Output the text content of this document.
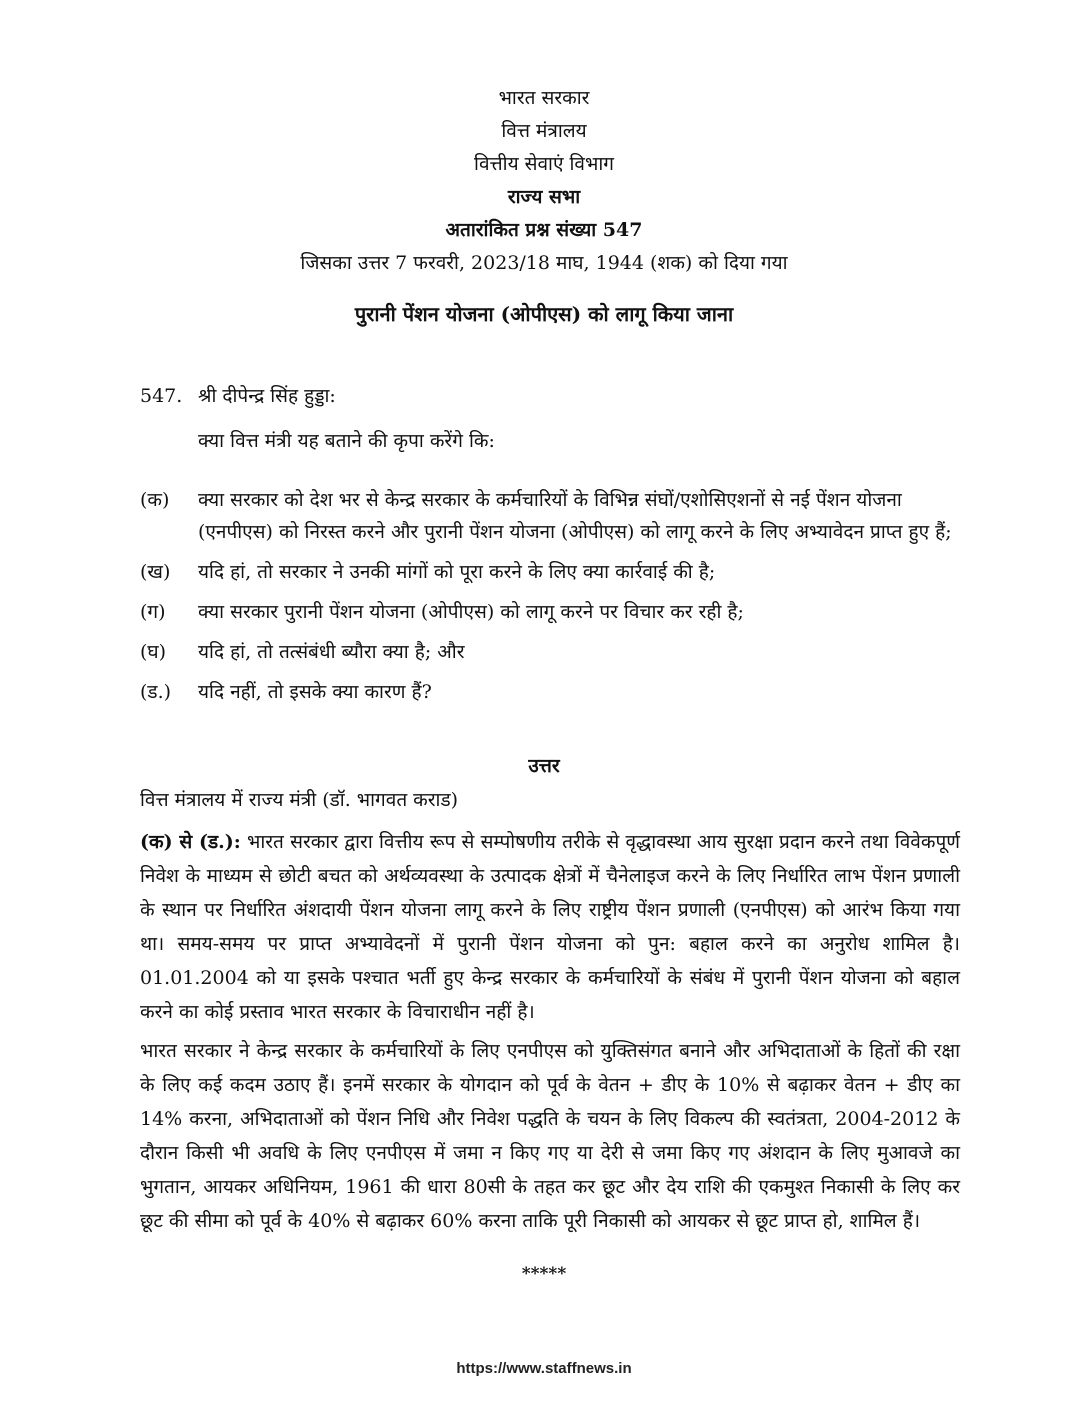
भारत सरकार
वित्त मंत्रालय
वित्तीय सेवाएं विभाग
राज्य सभा
अतारांकित प्रश्न संख्या 547
जिसका उत्तर 7 फरवरी, 2023/18 माघ, 1944 (शक) को दिया गया
पुरानी पेंशन योजना (ओपीएस) को लागू किया जाना
547. श्री दीपेन्द्र सिंह हुड्डा:
क्या वित्त मंत्री यह बताने की कृपा करेंगे कि:
(क)	क्या सरकार को देश भर से केन्द्र सरकार के कर्मचारियों के विभिन्न संघों/एशोसिएशनों से नई पेंशन योजना (एनपीएस) को निरस्त करने और पुरानी पेंशन योजना (ओपीएस) को लागू करने के लिए अभ्यावेदन प्राप्त हुए हैं;
(ख)	यदि हां, तो सरकार ने उनकी मांगों को पूरा करने के लिए क्या कार्रवाई की है;
(ग)	क्या सरकार पुरानी पेंशन योजना (ओपीएस) को लागू करने पर विचार कर रही है;
(घ)	यदि हां, तो तत्संबंधी ब्यौरा क्या है; और
(ड.)	यदि नहीं, तो इसके क्या कारण हैं?
उत्तर
वित्त मंत्रालय में राज्य मंत्री (डॉ. भागवत कराड)
(क) से (ड.): भारत सरकार द्वारा वित्तीय रूप से सम्पोषणीय तरीके से वृद्धावस्था आय सुरक्षा प्रदान करने तथा विवेकपूर्ण निवेश के माध्यम से छोटी बचत को अर्थव्यवस्था के उत्पादक क्षेत्रों में चैनेलाइज करने के लिए निर्धारित लाभ पेंशन प्रणाली के स्थान पर निर्धारित अंशदायी पेंशन योजना लागू करने के लिए राष्ट्रीय पेंशन प्रणाली (एनपीएस) को आरंभ किया गया था। समय-समय पर प्राप्त अभ्यावेदनों में पुरानी पेंशन योजना को पुन: बहाल करने का अनुरोध शामिल है। 01.01.2004 को या इसके पश्चात भर्ती हुए केन्द्र सरकार के कर्मचारियों के संबंध में पुरानी पेंशन योजना को बहाल करने का कोई प्रस्ताव भारत सरकार के विचाराधीन नहीं है।
भारत सरकार ने केन्द्र सरकार के कर्मचारियों के लिए एनपीएस को युक्तिसंगत बनाने और अभिदाताओं के हितों की रक्षा के लिए कई कदम उठाए हैं। इनमें सरकार के योगदान को पूर्व के वेतन + डीए के 10% से बढ़ाकर वेतन + डीए का 14% करना, अभिदाताओं को पेंशन निधि और निवेश पद्धति के चयन के लिए विकल्प की स्वतंत्रता, 2004-2012 के दौरान किसी भी अवधि के लिए एनपीएस में जमा न किए गए या देरी से जमा किए गए अंशदान के लिए मुआवजे का भुगतान, आयकर अधिनियम, 1961 की धारा 80सी के तहत कर छूट और देय राशि की एकमुश्त निकासी के लिए कर छूट की सीमा को पूर्व के 40% से बढ़ाकर 60% करना ताकि पूरी निकासी को आयकर से छूट प्राप्त हो, शामिल हैं।
*****
https://www.staffnews.in
